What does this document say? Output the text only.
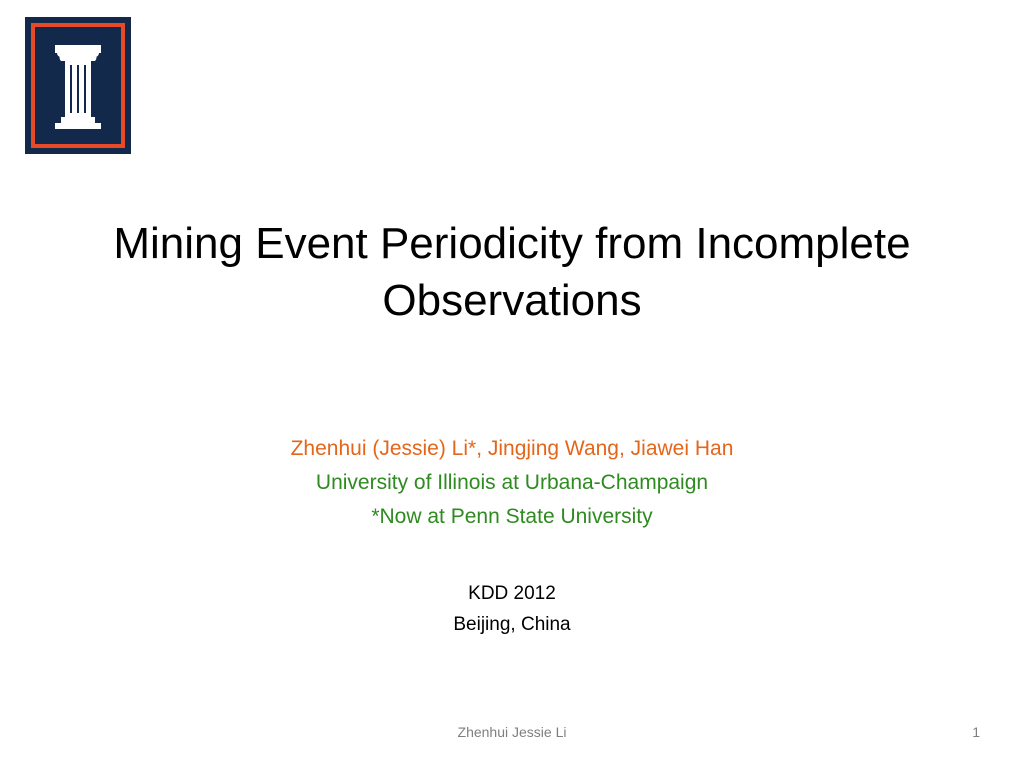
Mining Event Periodicity from Incomplete
Observations
Zhenhui (Jessie) Li*, Jingjing Wang, Jiawei Han
University of Illinois at Urbana-Champaign
*Now at Penn State University
KDD 2012
Beijing, China
Zhenhui Jessie Li	1
